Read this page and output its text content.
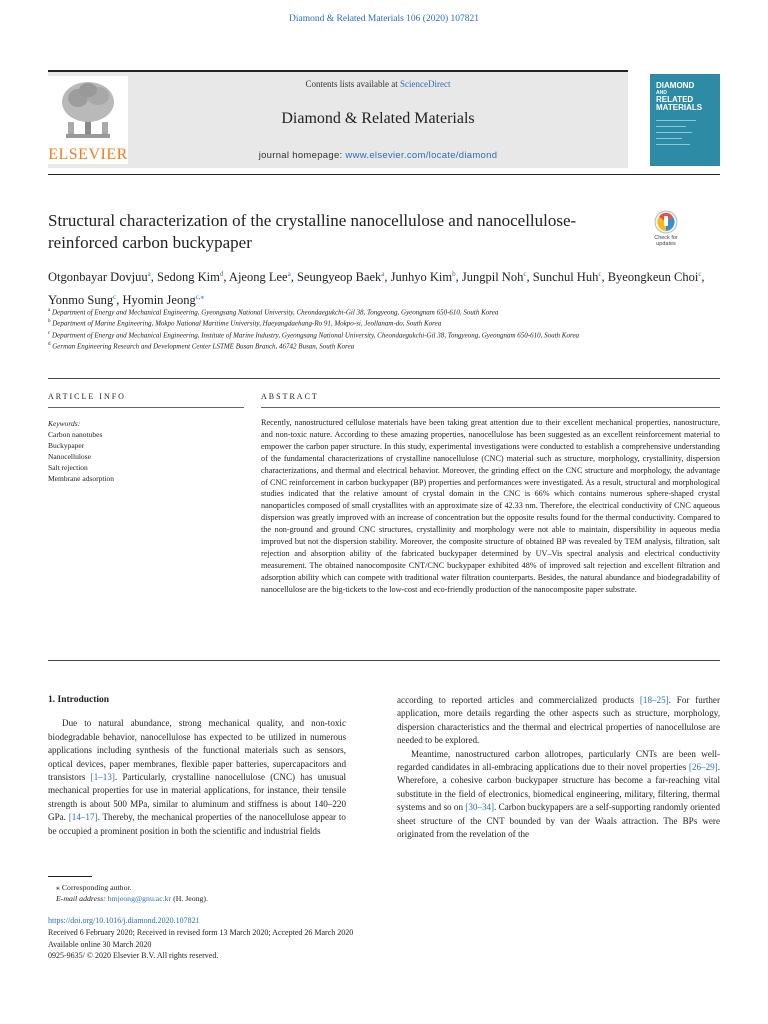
Diamond & Related Materials 106 (2020) 107821
ELSEVIER
Contents lists available at ScienceDirect
Diamond & Related Materials
journal homepage: www.elsevier.com/locate/diamond
DIAMOND
AND
RELATED
MATERIALS
Structural characterization of the crystalline nanocellulose and nanocellulose-reinforced carbon buckypaper	Check for updates
Otgonbayar Dovjuu$^a$, Sedong Kim$^d$, Ajeong Lee$^a$, Seungyeop Baek$^a$, Junhyo Kim$^b$, Jungpil Noh$^c$, Sunchul Huh$^c$, Byeongkeun Choi$^c$, Yonmo Sung$^c$, Hyomin Jeong$^{c,⁎}$
$^a$ Department of Energy and Mechanical Engineering, Gyeongsang National University, Cheondaegukchi-Gil 38, Tongyeong, Gyeongnam 650-610, South Korea
$^b$ Department of Marine Engineering, Mokpo National Maritime University, Haeyangdaehang-Ro 91, Mokpo-si, Jeollanam-do, South Korea
$^c$ Department of Energy and Mechanical Engineering, Institute of Marine Industry, Gyeongsang National University, Cheondaegukchi-Gil 38, Tongyeong, Gyeongnam 650-610, South Korea
$^d$ German Engineering Research and Development Center LSTME Busan Branch, 46742 Busan, South Korea
ARTICLE INFO	ABSTRACT
Keywords:
Carbon nanotubes
Buckypaper
Nanocellulose
Salt rejection
Membrane adsorption
Recently, nanostructured cellulose materials have been taking great attention due to their excellent mechanical properties, nanostructure, and non-toxic nature. According to these amazing properties, nanocellulose has been suggested as an excellent reinforcement material to empower the carbon paper structure. In this study, experimental investigations were conducted to establish a comprehensive understanding of the fundamental characterizations of crystalline nanocellulose (CNC) material such as structure, morphology, crystallinity, dispersion characterizations, and thermal and electrical behavior. Moreover, the grinding effect on the CNC structure and morphology, the advantage of CNC reinforcement in carbon buckypaper (BP) properties and performances were investigated. As a result, structural and morphological studies indicated that the relative amount of crystal domain in the CNC is 66% which contains numerous sphere-shaped crystal nanoparticles composed of small crystallites with an approximate size of 42.33 nm. Therefore, the electrical conductivity of CNC aqueous dispersion was greatly improved with an increase of concentration but the opposite results found for the thermal conductivity. Compared to the non-ground and ground CNC structures, crystallinity and morphology were not able to maintain, dispersibility in aqueous media improved but not the dispersion stability. Moreover, the composite structure of obtained BP was revealed by TEM analysis, filtration, salt rejection and absorption ability of the fabricated buckypaper determined by UV–Vis spectral analysis and electrical conductivity measurement. The obtained nanocomposite CNT/CNC buckypaper exhibited 48% of improved salt rejection and excellent filtration and adsorption ability which can compete with traditional water filtration counterparts. Besides, the natural abundance and biodegradability of nanocellulose are the big-tickets to the low-cost and eco-friendly production of the nanocomposite paper substrate.
1. Introduction

Due to natural abundance, strong mechanical quality, and non-toxic biodegradable behavior, nanocellulose has expected to be utilized in numerous applications including synthesis of the functional materials such as sensors, optical devices, paper membranes, flexible paper batteries, supercapacitors and transistors [1–13]. Particularly, crystalline nanocellulose (CNC) has unusual mechanical properties for use in material applications, for instance, their tensile strength is about 500 MPa, similar to aluminum and stiffness is about 140–220 GPa. [14–17]. Thereby, the mechanical properties of the nanocellulose appear to be occupied a prominent position in both the scientific and industrial fields

according to reported articles and commercialized products [18–25]. For further application, more details regarding the other aspects such as structure, morphology, dispersion characteristics and the thermal and electrical properties of nanocellulose are needed to be explored.

Meantime, nanostructured carbon allotropes, particularly CNTs are been well-regarded candidates in all-embracing applications due to their novel properties [26–29]. Wherefore, a cohesive carbon buckypaper structure has become a far-reaching vital substitute in the field of electronics, biomedical engineering, military, filtering, thermal systems and so on [30–34]. Carbon buckypapers are a self-supporting randomly oriented sheet structure of the CNT bounded by van der Waals attraction. The BPs were originated from the revelation of the

⁎ Corresponding author.
E-mail address: hmjeong@gnu.ac.kr (H. Jeong).
https://doi.org/10.1016/j.diamond.2020.107821
Received 6 February 2020; Received in revised form 13 March 2020; Accepted 26 March 2020
Available online 30 March 2020
0925-9635/ © 2020 Elsevier B.V. All rights reserved.
